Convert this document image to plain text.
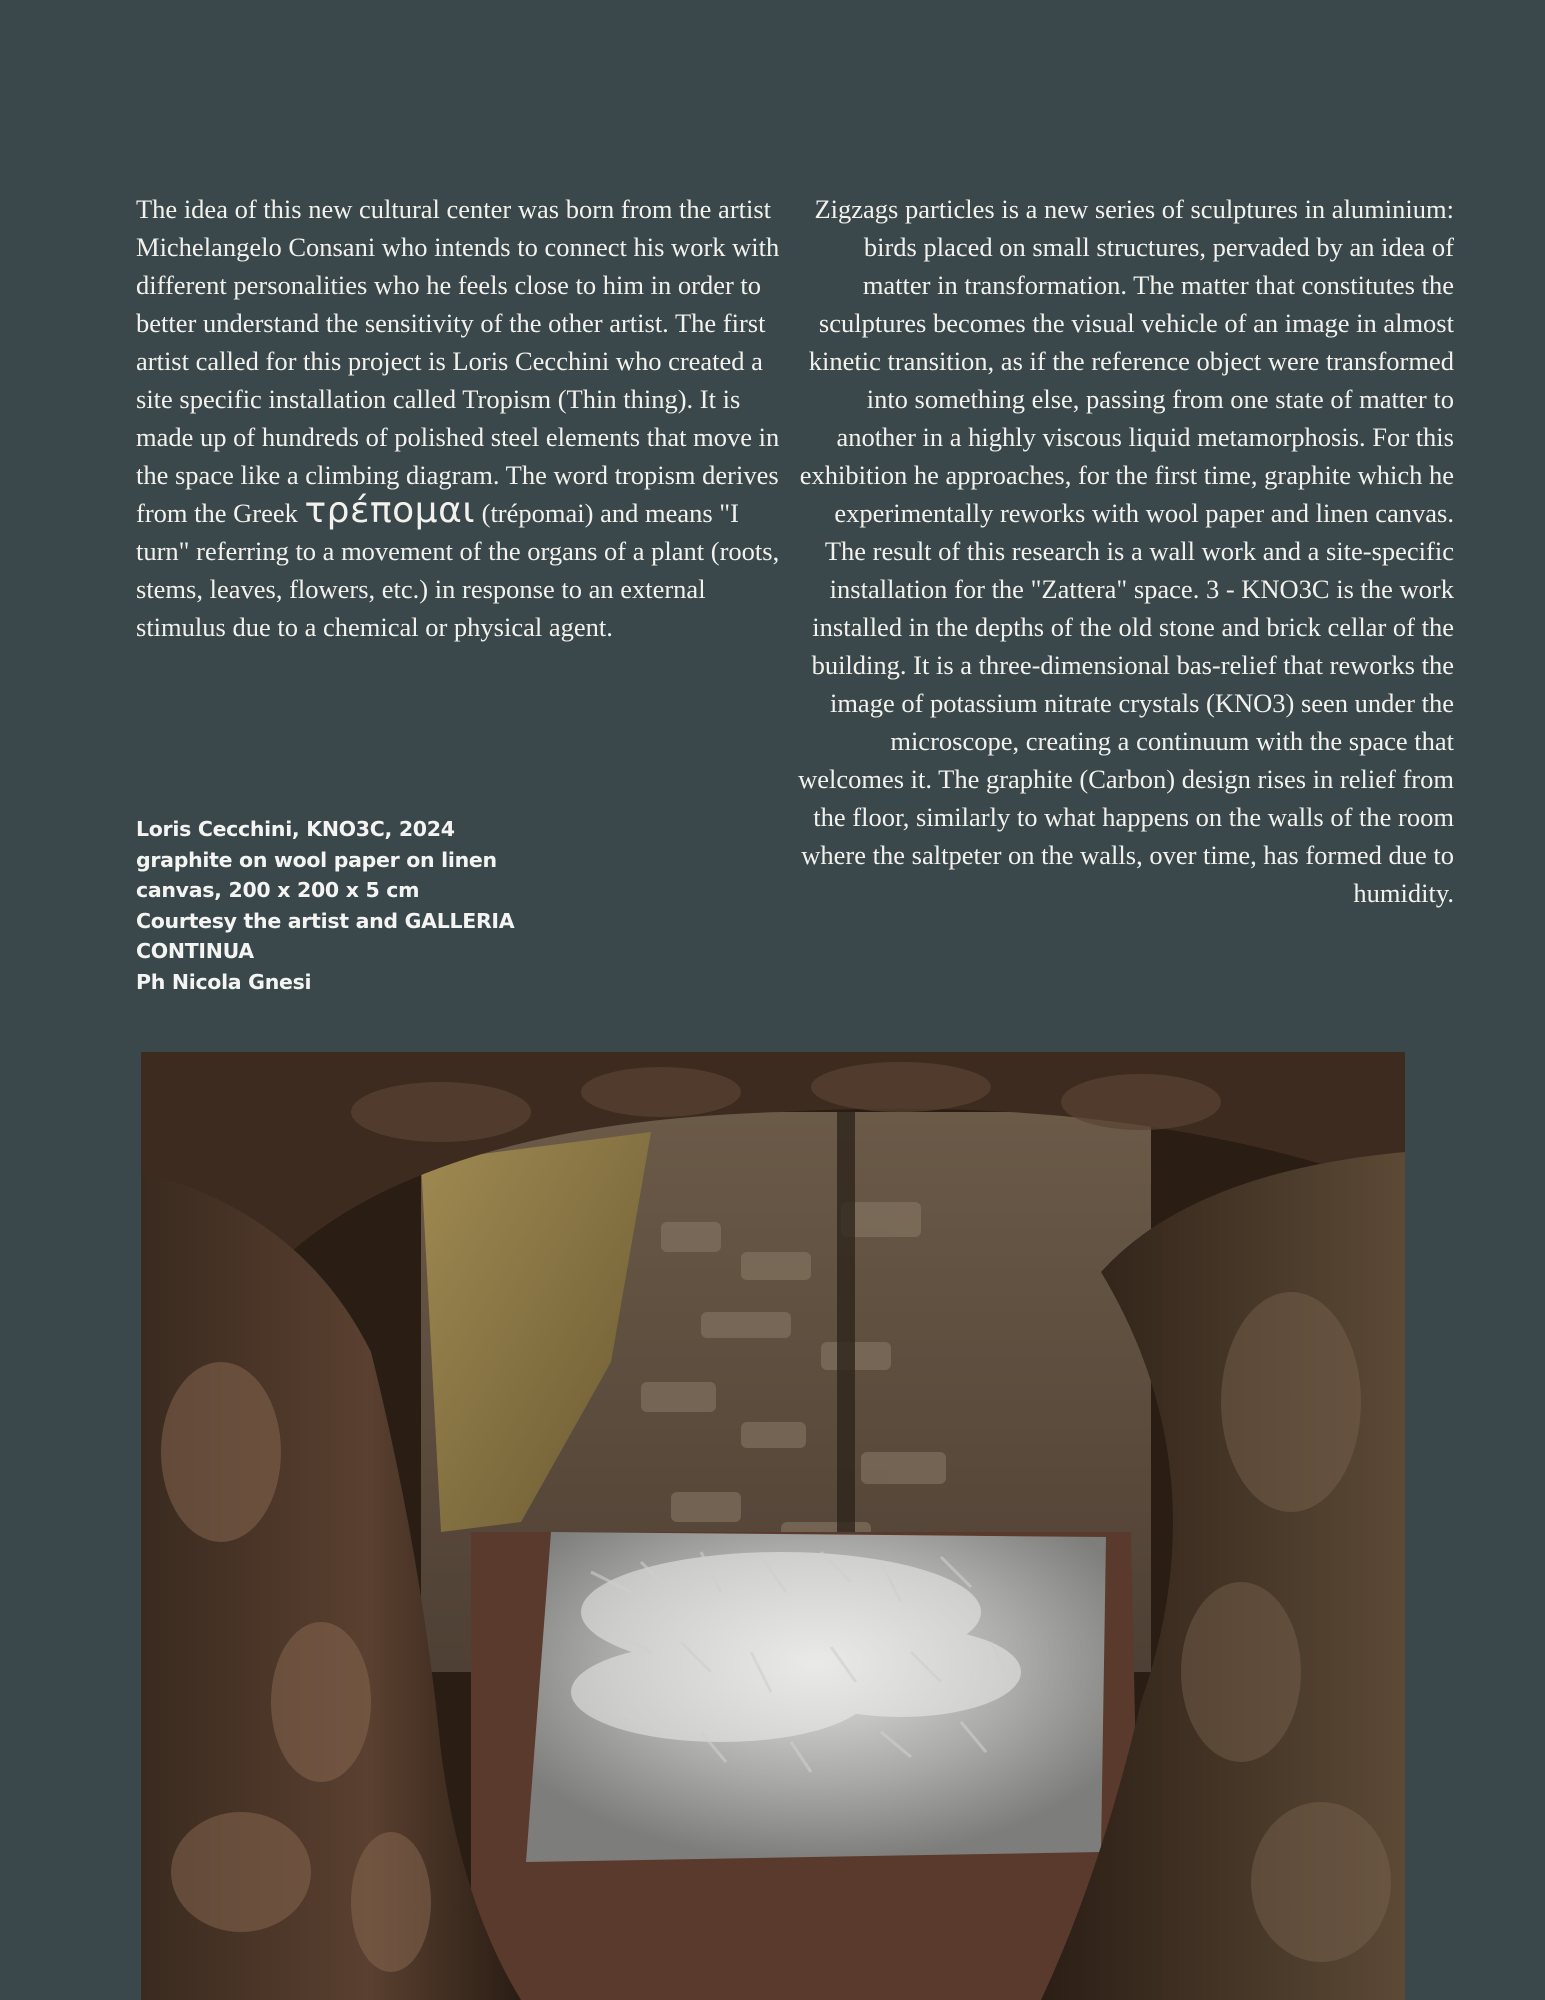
The idea of this new cultural center was born from the artist Michelangelo Consani who intends to connect his work with different personalities who he feels close to him in order to better understand the sensitivity of the other artist. The first artist called for this project is Loris Cecchini who created a site specific installation called Tropism (Thin thing). It is made up of hundreds of polished steel elements that move in the space like a climbing diagram. The word tropism derives from the Greek τρέπομαι (trépomai) and means "I turn" referring to a movement of the organs of a plant (roots, stems, leaves, flowers, etc.) in response to an external stimulus due to a chemical or physical agent.
Zigzags particles is a new series of sculptures in aluminium: birds placed on small structures, pervaded by an idea of matter in transformation. The matter that constitutes the sculptures becomes the visual vehicle of an image in almost kinetic transition, as if the reference object were transformed into something else, passing from one state of matter to another in a highly viscous liquid metamorphosis. For this exhibition he approaches, for the first time, graphite which he experimentally reworks with wool paper and linen canvas. The result of this research is a wall work and a site-specific installation for the "Zattera" space. 3 - KNO3C is the work installed in the depths of the old stone and brick cellar of the building. It is a three-dimensional bas-relief that reworks the image of potassium nitrate crystals (KNO3) seen under the microscope, creating a continuum with the space that welcomes it. The graphite (Carbon) design rises in relief from the floor, similarly to what happens on the walls of the room where the saltpeter on the walls, over time, has formed due to humidity.
Loris Cecchini, KNO3C, 2024
graphite on wool paper on linen canvas, 200 x 200 x 5 cm
Courtesy the artist and GALLERIA CONTINUA
Ph Nicola Gnesi
